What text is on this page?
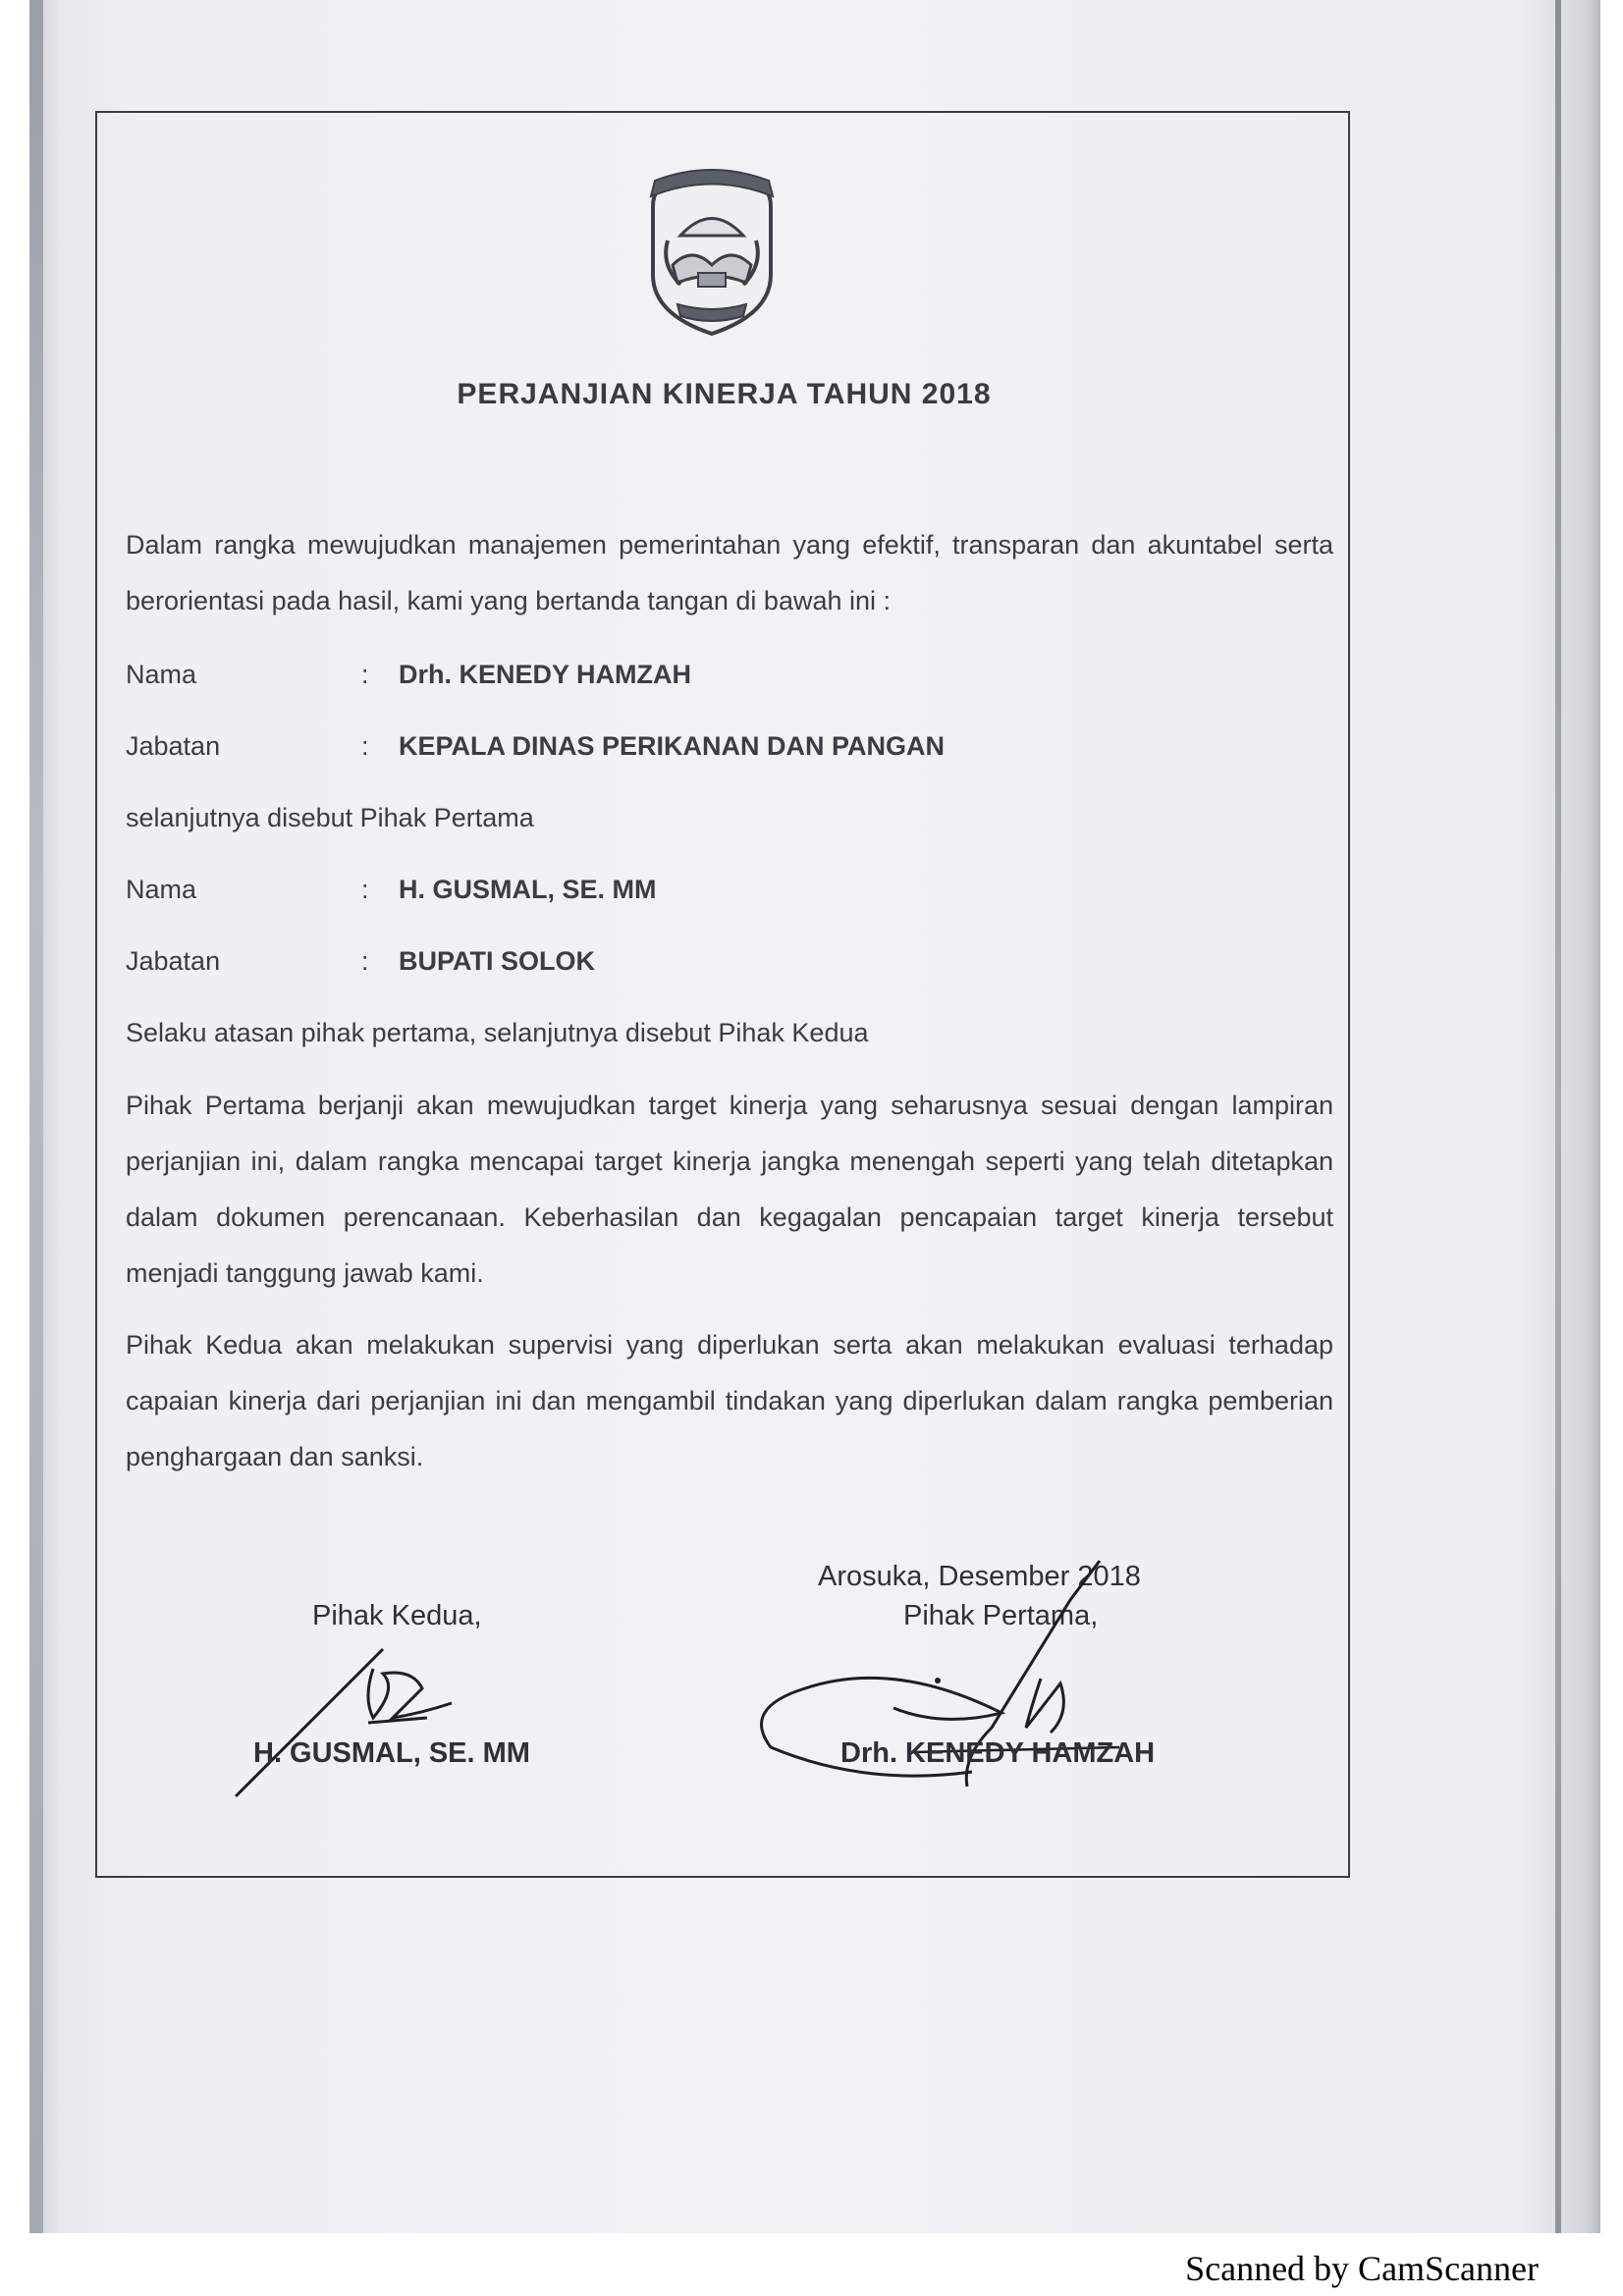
PERJANJIAN KINERJA TAHUN 2018

Dalam rangka mewujudkan manajemen pemerintahan yang efektif, transparan dan akuntabel serta berorientasi pada hasil, kami yang bertanda tangan di bawah ini :

Nama	: Drh. KENEDY HAMZAH
Jabatan	: KEPALA DINAS PERIKANAN DAN PANGAN
selanjutnya disebut Pihak Pertama
Nama	: H. GUSMAL, SE. MM
Jabatan	: BUPATI SOLOK
Selaku atasan pihak pertama, selanjutnya disebut Pihak Kedua

Pihak Pertama berjanji akan mewujudkan target kinerja yang seharusnya sesuai dengan lampiran perjanjian ini, dalam rangka mencapai target kinerja jangka menengah seperti yang telah ditetapkan dalam dokumen perencanaan. Keberhasilan dan kegagalan pencapaian target kinerja tersebut menjadi tanggung jawab kami.

Pihak Kedua akan melakukan supervisi yang diperlukan serta akan melakukan evaluasi terhadap capaian kinerja dari perjanjian ini dan mengambil tindakan yang diperlukan dalam rangka pemberian penghargaan dan sanksi.

Arosuka, Desember 2018
Pihak Kedua,	Pihak Pertama,
H. GUSMAL, SE. MM	Drh. KENEDY HAMZAH
Scanned by CamScanner
